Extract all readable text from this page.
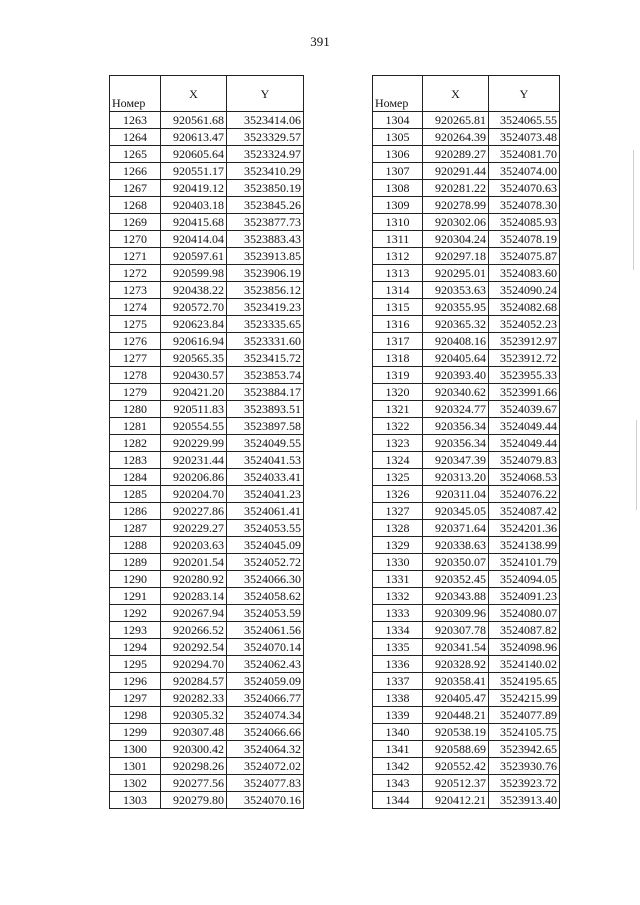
391
Номер	X	Y
1263	920561.68	3523414.06
1264	920613.47	3523329.57
1265	920605.64	3523324.97
1266	920551.17	3523410.29
1267	920419.12	3523850.19
1268	920403.18	3523845.26
1269	920415.68	3523877.73
1270	920414.04	3523883.43
1271	920597.61	3523913.85
1272	920599.98	3523906.19
1273	920438.22	3523856.12
1274	920572.70	3523419.23
1275	920623.84	3523335.65
1276	920616.94	3523331.60
1277	920565.35	3523415.72
1278	920430.57	3523853.74
1279	920421.20	3523884.17
1280	920511.83	3523893.51
1281	920554.55	3523897.58
1282	920229.99	3524049.55
1283	920231.44	3524041.53
1284	920206.86	3524033.41
1285	920204.70	3524041.23
1286	920227.86	3524061.41
1287	920229.27	3524053.55
1288	920203.63	3524045.09
1289	920201.54	3524052.72
1290	920280.92	3524066.30
1291	920283.14	3524058.62
1292	920267.94	3524053.59
1293	920266.52	3524061.56
1294	920292.54	3524070.14
1295	920294.70	3524062.43
1296	920284.57	3524059.09
1297	920282.33	3524066.77
1298	920305.32	3524074.34
1299	920307.48	3524066.66
1300	920300.42	3524064.32
1301	920298.26	3524072.02
1302	920277.56	3524077.83
1303	920279.80	3524070.16
Номер	X	Y
1304	920265.81	3524065.55
1305	920264.39	3524073.48
1306	920289.27	3524081.70
1307	920291.44	3524074.00
1308	920281.22	3524070.63
1309	920278.99	3524078.30
1310	920302.06	3524085.93
1311	920304.24	3524078.19
1312	920297.18	3524075.87
1313	920295.01	3524083.60
1314	920353.63	3524090.24
1315	920355.95	3524082.68
1316	920365.32	3524052.23
1317	920408.16	3523912.97
1318	920405.64	3523912.72
1319	920393.40	3523955.33
1320	920340.62	3523991.66
1321	920324.77	3524039.67
1322	920356.34	3524049.44
1323	920356.34	3524049.44
1324	920347.39	3524079.83
1325	920313.20	3524068.53
1326	920311.04	3524076.22
1327	920345.05	3524087.42
1328	920371.64	3524201.36
1329	920338.63	3524138.99
1330	920350.07	3524101.79
1331	920352.45	3524094.05
1332	920343.88	3524091.23
1333	920309.96	3524080.07
1334	920307.78	3524087.82
1335	920341.54	3524098.96
1336	920328.92	3524140.02
1337	920358.41	3524195.65
1338	920405.47	3524215.99
1339	920448.21	3524077.89
1340	920538.19	3524105.75
1341	920588.69	3523942.65
1342	920552.42	3523930.76
1343	920512.37	3523923.72
1344	920412.21	3523913.40
